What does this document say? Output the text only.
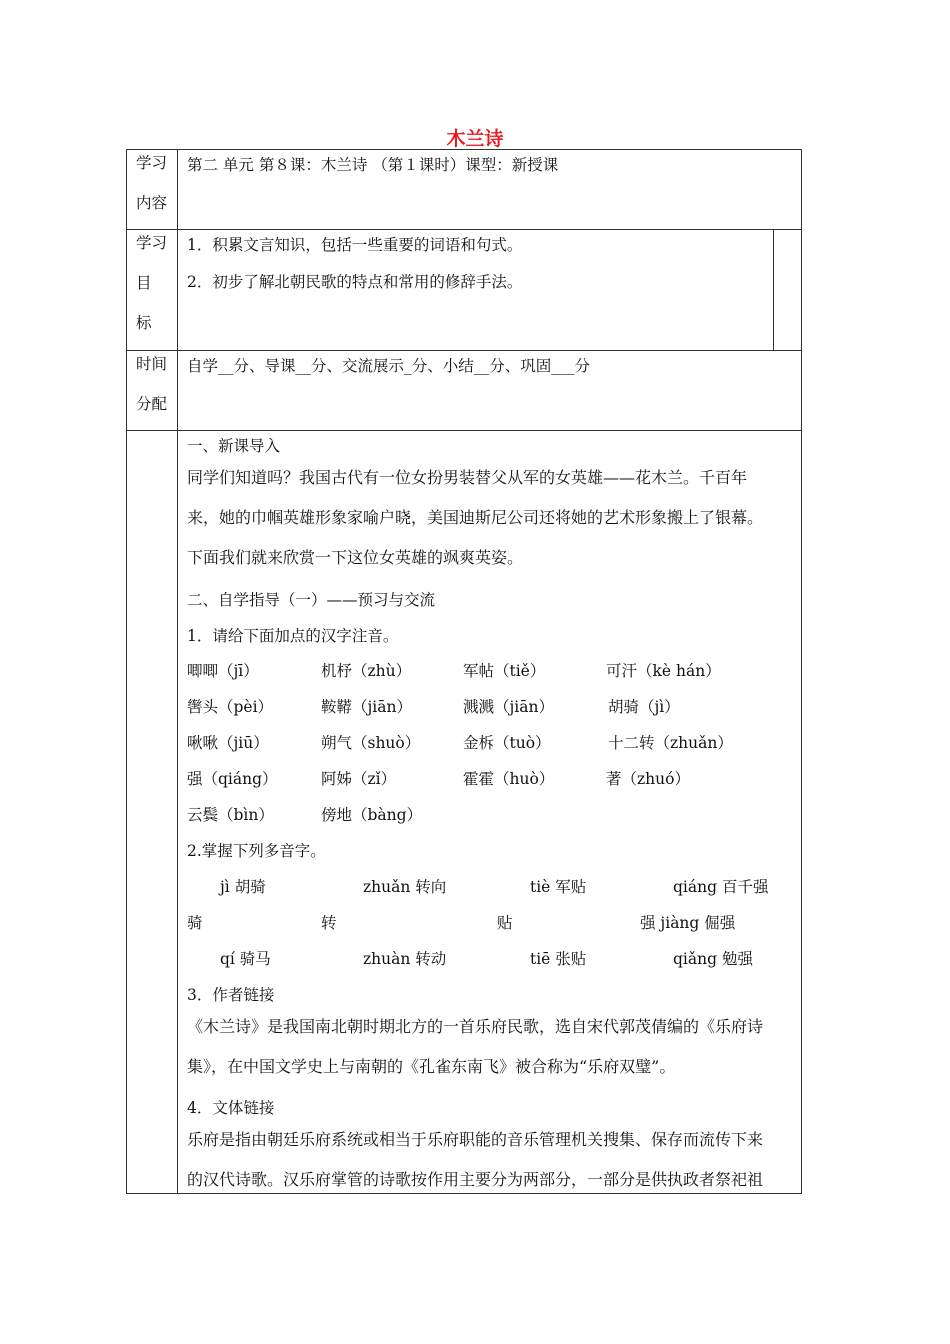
木兰诗
学习
内容
第二 单元 第８课：木兰诗 （第１课时）课型：新授课
学习
目
标
1．积累文言知识，包括一些重要的词语和句式。
2．初步了解北朝民歌的特点和常用的修辞手法。
时间
分配
自学__分、导课__分、交流展示_分、小结__分、巩固___分
一、新课导入
同学们知道吗？我国古代有一位女扮男装替父从军的女英雄——花木兰。千百年
来，她的巾帼英雄形象家喻户晓，美国迪斯尼公司还将她的艺术形象搬上了银幕。
下面我们就来欣赏一下这位女英雄的飒爽英姿。
二、自学指导（一）——预习与交流
1．请给下面加点的汉字注音。
唧唧（jī）	机杼（zhù）	军帖（tiě）	可汗（kè hán）
辔头（pèi）	鞍鞯（jiān）	溅溅（jiān）	胡骑（jì）
啾啾（jiū）	朔气（shuò）	金柝（tuò）	十二转（zhuǎn）
强（qiáng）	阿姊（zǐ）	霍霍（huò）	著（zhuó）
云鬓（bìn）	傍地（bàng）
2.掌握下列多音字。
jì 胡骑	zhuǎn 转向	tiè 军贴	qiáng 百千强
骑	转	贴	强 jiàng 倔强
qí 骑马	zhuàn 转动	tiē 张贴	qiǎng 勉强
3．作者链接
《木兰诗》是我国南北朝时期北方的一首乐府民歌，选自宋代郭茂倩编的《乐府诗
集》，在中国文学史上与南朝的《孔雀东南飞》被合称为“乐府双璧”。
4．文体链接
乐府是指由朝廷乐府系统或相当于乐府职能的音乐管理机关搜集、保存而流传下来
的汉代诗歌。汉乐府掌管的诗歌按作用主要分为两部分，一部分是供执政者祭祀祖
